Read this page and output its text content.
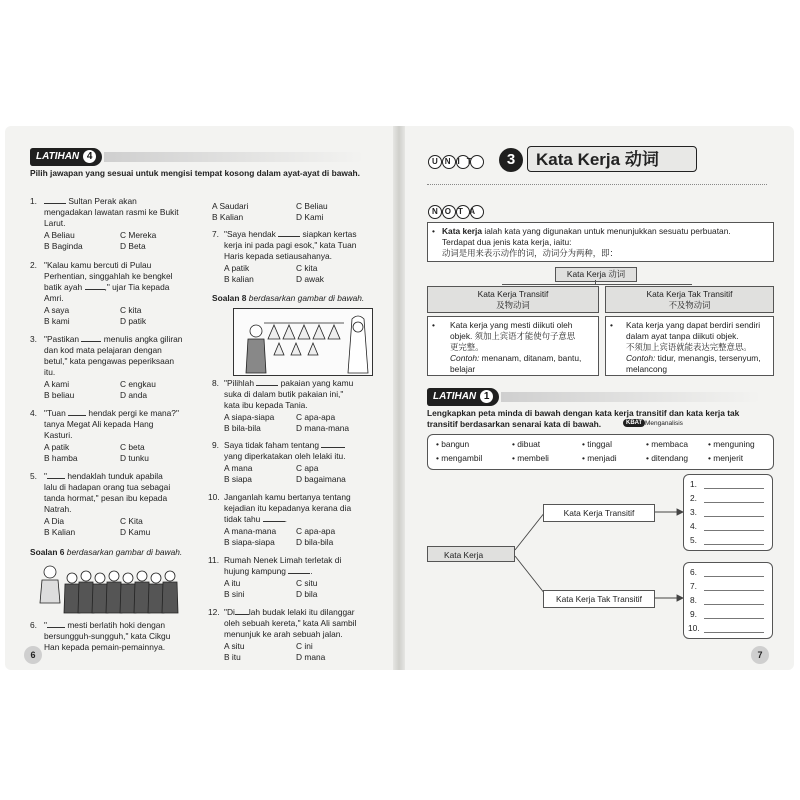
LATIHAN 4
Pilih jawapan yang sesuai untuk mengisi tempat kosong dalam ayat-ayat di bawah.
1.	Sultan Perak akan
mengadakan lawatan rasmi ke Bukit
Larut.
A Beliau	C Mereka
B Baginda	D Beta
2. "Kalau kamu bercuti di Pulau
Perhentian, singgahlah ke bengkel
batik ayah	," ujar Tia kepada
Amri.
A saya	C kita
B kami	D patik
3. "Pastikan	menulis angka giliran
dan kod mata pelajaran dengan
betul," kata pengawas peperiksaan
itu.
A kami	C engkau
B beliau	D anda
4. "Tuan	hendak pergi ke mana?"
tanya Megat Ali kepada Hang
Kasturi.
A patik	C beta
B hamba	D tunku
5. " hendaklah tunduk apabila
lalu di hadapan orang tua sebagai
tanda hormat," pesan ibu kepada
Natrah.
A Dia	C Kita
B Kalian	D Kamu
Soalan 6 berdasarkan gambar di bawah.
6. " mesti berlatih hoki dengan
bersungguh-sungguh," kata Cikgu
Han kepada pemain-pemainnya.
A Saudari	C Beliau
B Kalian	D Kami
7. "Saya hendak	siapkan kertas
kerja ini pada pagi esok," kata Tuan
Haris kepada setiausahanya.
A patik	C kita
B kalian	D awak
Soalan 8 berdasarkan gambar di bawah.
8. "Pilihlah	pakaian yang kamu
suka di dalam butik pakaian ini,"
kata ibu kepada Tania.
A siapa-siapa	C apa-apa
B bila-bila	D mana-mana
9. Saya tidak faham tentang
yang diperkatakan oleh lelaki itu.
A mana	C apa
B siapa	D bagaimana
10. Janganlah kamu bertanya tentang
kejadian itu kepadanya kerana dia
tidak tahu	.
A mana-mana C apa-apa
B siapa-siapa	D bila-bila
11. Rumah Nenek Limah terletak di
hujung kampung	.
A itu	C situ
B sini	D bila
12. "Di lah budak lelaki itu dilanggar
oleh sebuah kereta," kata Ali sambil
menunjuk ke arah sebuah jalan.
A situ	C ini
B itu	D mana
6
UNIT	3	Kata Kerja 动词
NOTA
• Kata kerja ialah kata yang digunakan untuk menunjukkan sesuatu perbuatan.
Terdapat dua jenis kata kerja, iaitu:
动词是用来表示动作的词，动词分为两种，即：
Kata Kerja 动词
Kata Kerja Transitif
及物动词
Kata Kerja Tak Transitif
不及物动词
• Kata kerja yang mesti diikuti oleh
objek. 须加上宾语才能使句子意思
更完整。
Contoh: menanam, ditanam, bantu,
belajar
• Kata kerja yang dapat berdiri sendiri
dalam ayat tanpa diikuti objek.
不须加上宾语就能表达完整意思。
Contoh: tidur, menangis, tersenyum,
melancong
LATIHAN 1
Lengkapkan peta minda di bawah dengan kata kerja transitif dan kata kerja tak
transitif berdasarkan senarai kata di bawah.	KBAT Menganalisis
• bangun	• dibuat	• tinggal	• membaca • menguning
• mengambil	• membeli	• menjadi	• ditendang • menjerit
Kata Kerja
Kata Kerja Transitif
Kata Kerja Tak Transitif
1.
2.
3.
4.
5.
6.
7.
8.
9.
10.
7
